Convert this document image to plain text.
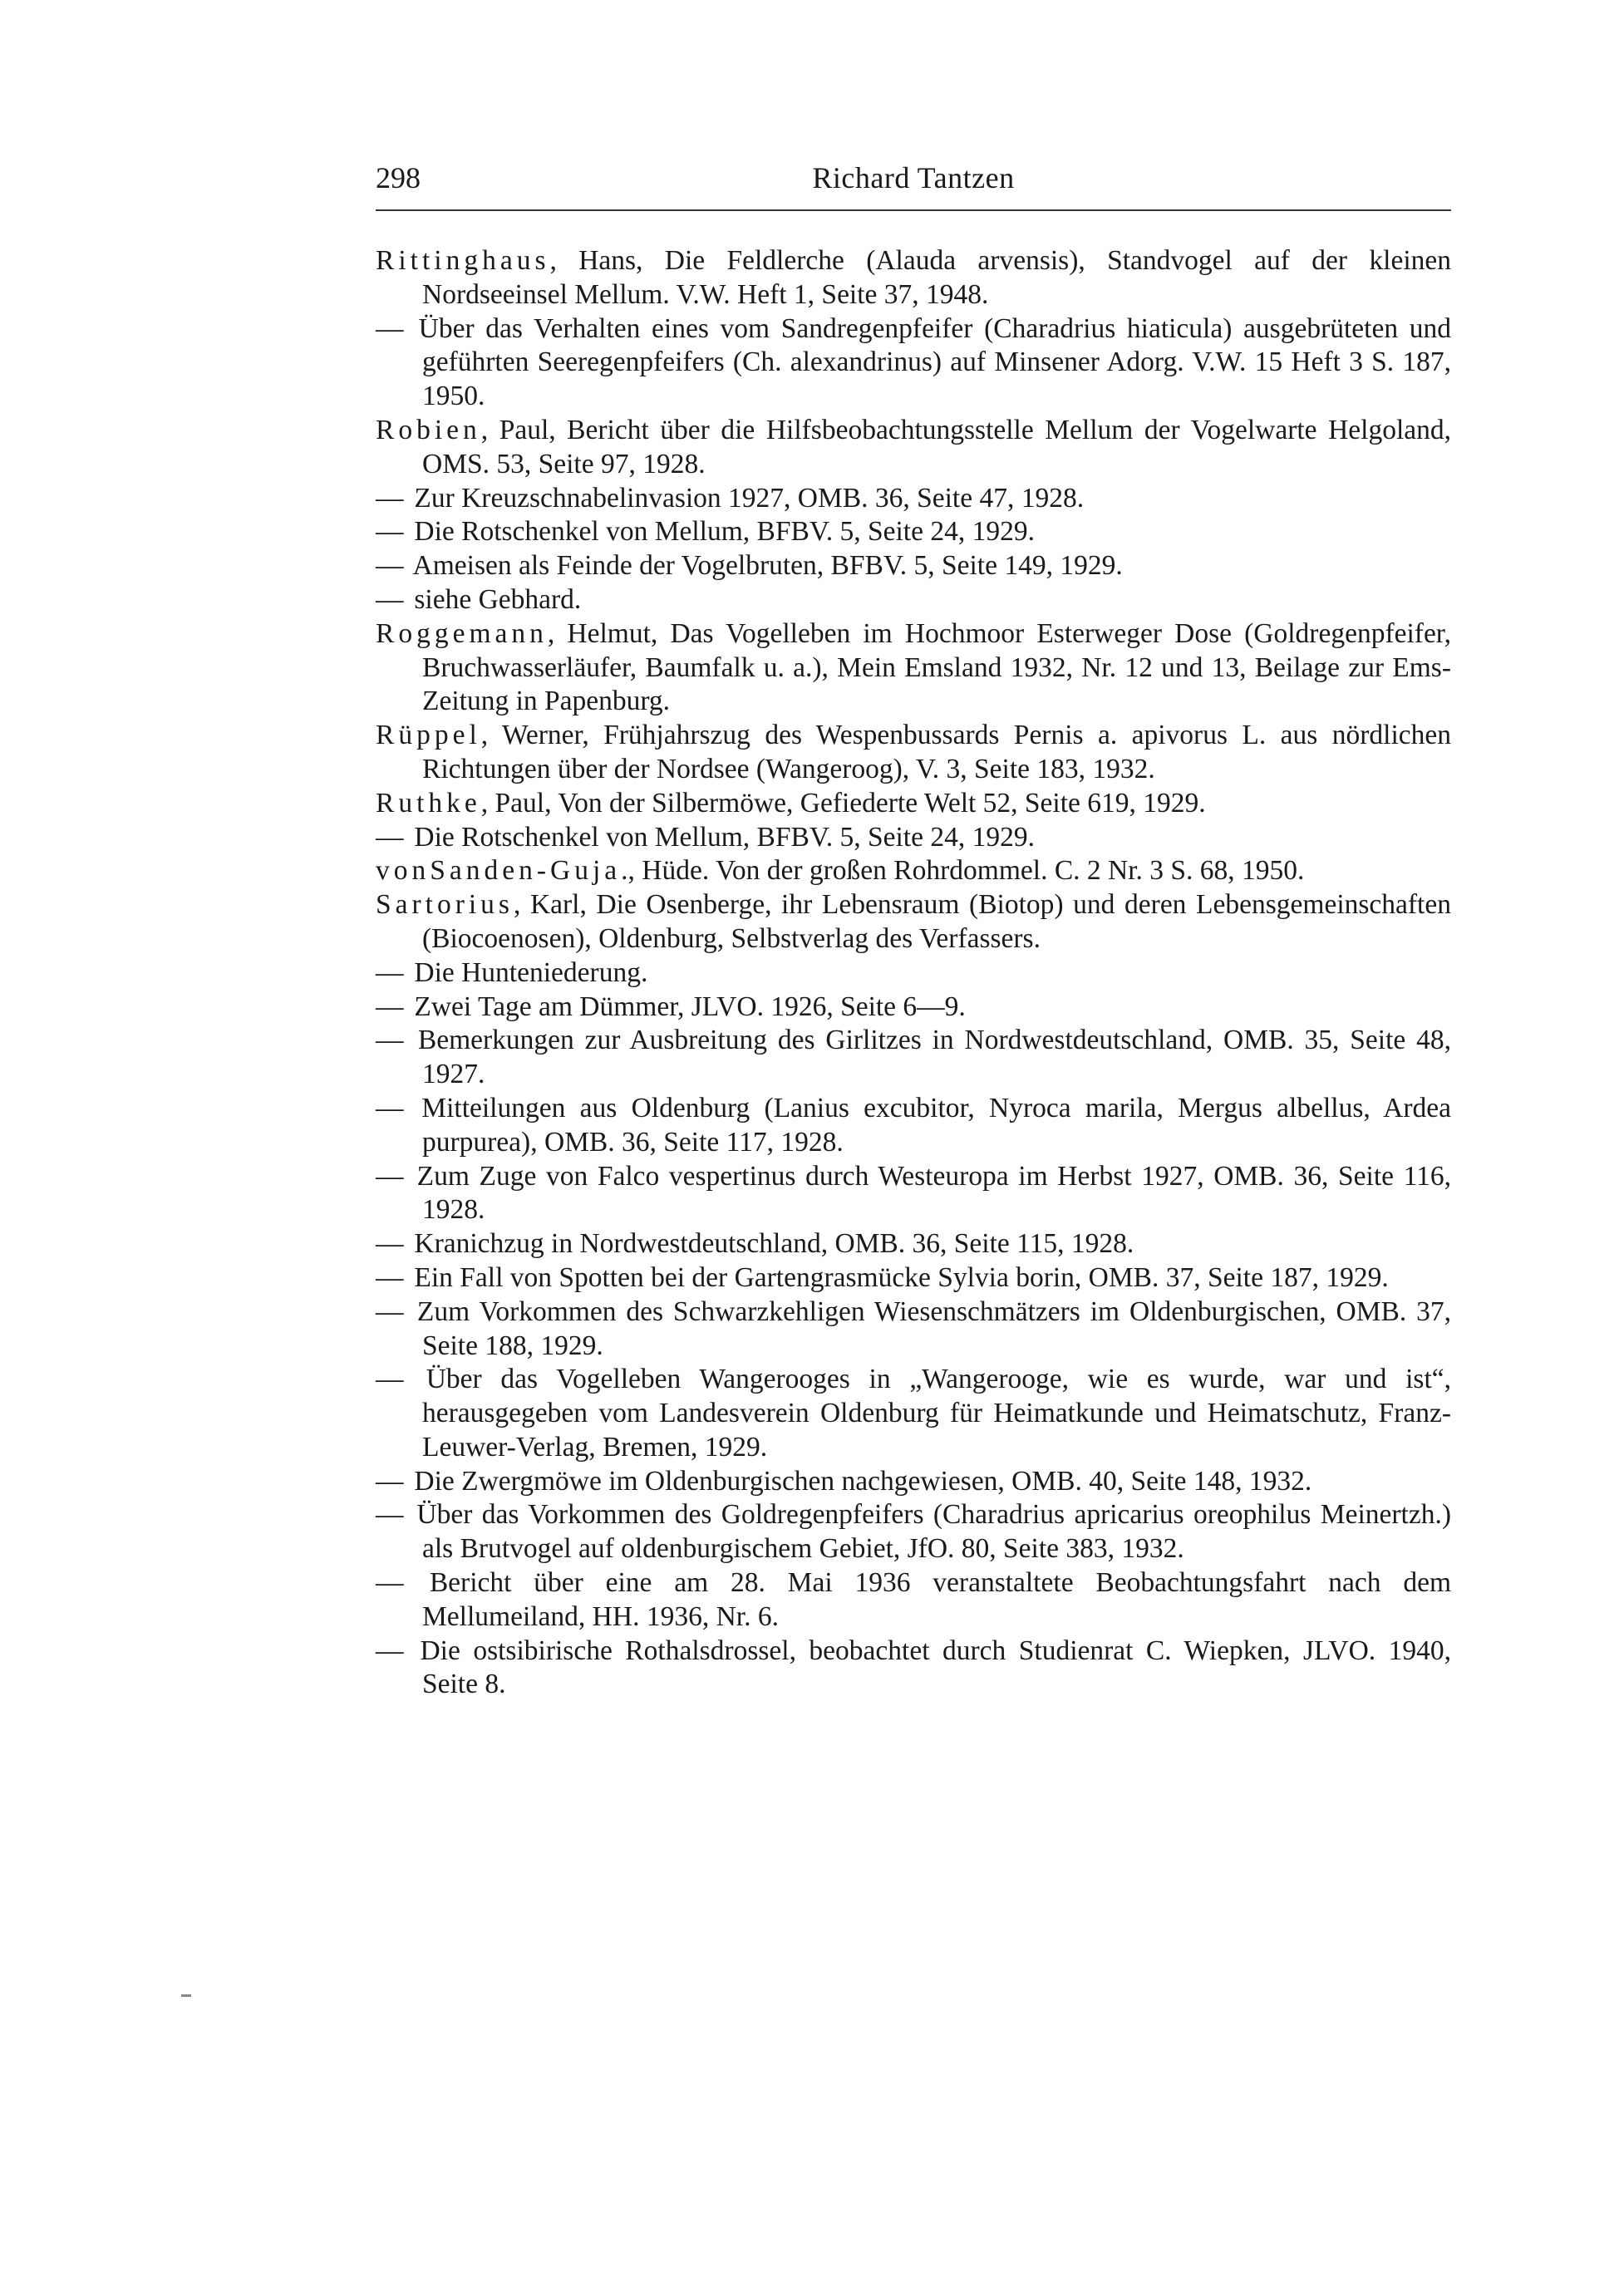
298	Richard Tantzen

Rittinghaus, Hans, Die Feldlerche (Alauda arvensis), Standvogel auf der kleinen Nordseeinsel Mellum. V.W. Heft 1, Seite 37, 1948.

— Über das Verhalten eines vom Sandregenpfeifer (Charadrius hiaticula) ausgebrüteten und geführten Seeregenpfeifers (Ch. alexandrinus) auf Minsener Adorg. V.W. 15 Heft 3 S. 187, 1950.

Robien, Paul, Bericht über die Hilfsbeobachtungsstelle Mellum der Vogelwarte Helgoland, OMS. 53, Seite 97, 1928.

— Zur Kreuzschnabelinvasion 1927, OMB. 36, Seite 47, 1928.

— Die Rotschenkel von Mellum, BFBV. 5, Seite 24, 1929.

— Ameisen als Feinde der Vogelbruten, BFBV. 5, Seite 149, 1929.

— siehe Gebhard.

Roggemann, Helmut, Das Vogelleben im Hochmoor Esterweger Dose (Goldregenpfeifer, Bruchwasserläufer, Baumfalk u. a.), Mein Emsland 1932, Nr. 12 und 13, Beilage zur Ems-Zeitung in Papenburg.

Rüppel, Werner, Frühjahrszug des Wespenbussards Pernis a. apivorus L. aus nördlichen Richtungen über der Nordsee (Wangeroog), V. 3, Seite 183, 1932.

Ruthke, Paul, Von der Silbermöwe, Gefiederte Welt 52, Seite 619, 1929.

— Die Rotschenkel von Mellum, BFBV. 5, Seite 24, 1929.

vonSanden-Guja., Hüde. Von der großen Rohrdommel. C. 2 Nr. 3 S. 68, 1950.

Sartorius, Karl, Die Osenberge, ihr Lebensraum (Biotop) und deren Lebensgemeinschaften (Biocoenosen), Oldenburg, Selbstverlag des Verfassers.

— Die Hunteniederung.

— Zwei Tage am Dümmer, JLVO. 1926, Seite 6—9.

— Bemerkungen zur Ausbreitung des Girlitzes in Nordwestdeutschland, OMB. 35, Seite 48, 1927.

— Mitteilungen aus Oldenburg (Lanius excubitor, Nyroca marila, Mergus albellus, Ardea purpurea), OMB. 36, Seite 117, 1928.

— Zum Zuge von Falco vespertinus durch Westeuropa im Herbst 1927, OMB. 36, Seite 116, 1928.

— Kranichzug in Nordwestdeutschland, OMB. 36, Seite 115, 1928.

— Ein Fall von Spotten bei der Gartengrasmücke Sylvia borin, OMB. 37, Seite 187, 1929.

— Zum Vorkommen des Schwarzkehligen Wiesenschmätzers im Oldenburgischen, OMB. 37, Seite 188, 1929.

— Über das Vogelleben Wangerooges in „Wangerooge, wie es wurde, war und ist“, herausgegeben vom Landesverein Oldenburg für Heimatkunde und Heimatschutz, Franz-Leuwer-Verlag, Bremen, 1929.

— Die Zwergmöwe im Oldenburgischen nachgewiesen, OMB. 40, Seite 148, 1932.

— Über das Vorkommen des Goldregenpfeifers (Charadrius apricarius oreophilus Meinertzh.) als Brutvogel auf oldenburgischem Gebiet, JfO. 80, Seite 383, 1932.

— Bericht über eine am 28. Mai 1936 veranstaltete Beobachtungsfahrt nach dem Mellumeiland, HH. 1936, Nr. 6.

— Die ostsibirische Rothalsdrossel, beobachtet durch Studienrat C. Wiepken, JLVO. 1940, Seite 8.
